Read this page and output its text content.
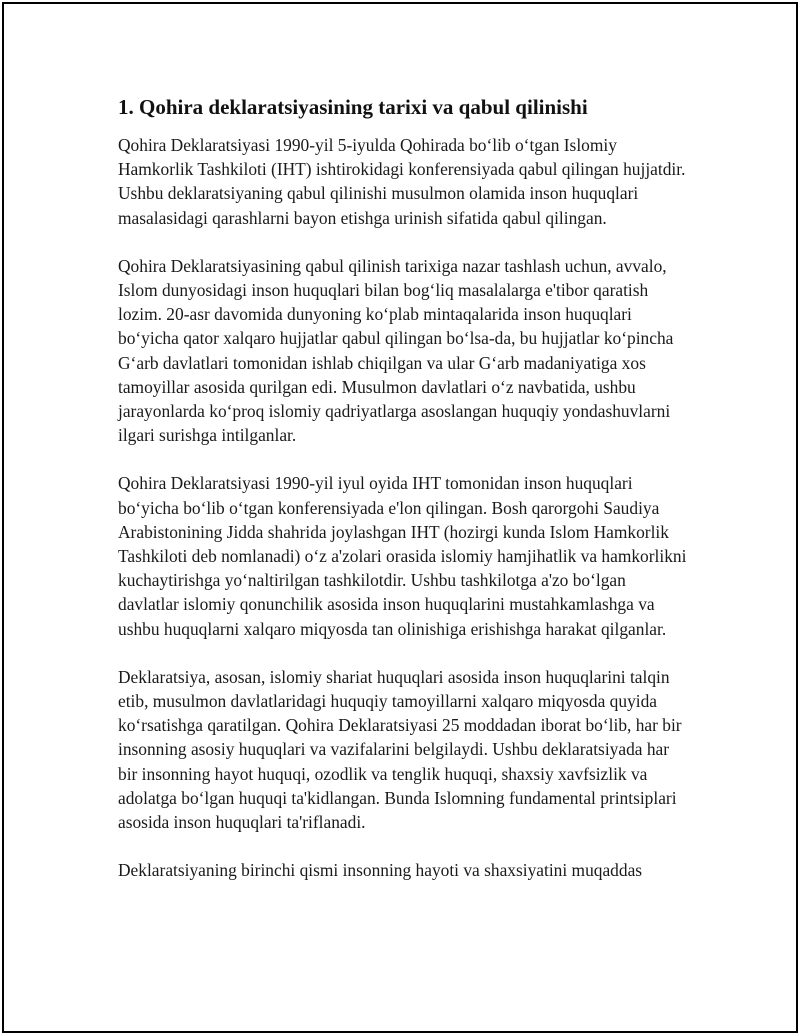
1. Qohira deklaratsiyasining tarixi va qabul qilinishi

Qohira Deklaratsiyasi 1990-yil 5-iyulda Qohirada bo‘lib o‘tgan Islomiy Hamkorlik Tashkiloti (IHT) ishtirokidagi konferensiyada qabul qilingan hujjatdir. Ushbu deklaratsiyaning qabul qilinishi musulmon olamida inson huquqlari masalasidagi qarashlarni bayon etishga urinish sifatida qabul qilingan.

Qohira Deklaratsiyasining qabul qilinish tarixiga nazar tashlash uchun, avvalo, Islom dunyosidagi inson huquqlari bilan bog‘liq masalalarga e'tibor qaratish lozim. 20-asr davomida dunyoning ko‘plab mintaqalarida inson huquqlari bo‘yicha qator xalqaro hujjatlar qabul qilingan bo‘lsa-da, bu hujjatlar ko‘pincha G‘arb davlatlari tomonidan ishlab chiqilgan va ular G‘arb madaniyatiga xos tamoyillar asosida qurilgan edi. Musulmon davlatlari o‘z navbatida, ushbu jarayonlarda ko‘proq islomiy qadriyatlarga asoslangan huquqiy yondashuvlarni ilgari surishga intilganlar.

Qohira Deklaratsiyasi 1990-yil iyul oyida IHT tomonidan inson huquqlari bo‘yicha bo‘lib o‘tgan konferensiyada e'lon qilingan. Bosh qarorgohi Saudiya Arabistonining Jidda shahrida joylashgan IHT (hozirgi kunda Islom Hamkorlik Tashkiloti deb nomlanadi) o‘z a'zolari orasida islomiy hamjihatlik va hamkorlikni kuchaytirishga yo‘naltirilgan tashkilotdir. Ushbu tashkilotga a'zo bo‘lgan davlatlar islomiy qonunchilik asosida inson huquqlarini mustahkamlashga va ushbu huquqlarni xalqaro miqyosda tan olinishiga erishishga harakat qilganlar.

Deklaratsiya, asosan, islomiy shariat huquqlari asosida inson huquqlarini talqin etib, musulmon davlatlaridagi huquqiy tamoyillarni xalqaro miqyosda quyida ko‘rsatishga qaratilgan. Qohira Deklaratsiyasi 25 moddadan iborat bo‘lib, har bir insonning asosiy huquqlari va vazifalarini belgilaydi. Ushbu deklaratsiyada har bir insonning hayot huquqi, ozodlik va tenglik huquqi, shaxsiy xavfsizlik va adolatga bo‘lgan huquqi ta'kidlangan. Bunda Islomning fundamental printsiplari asosida inson huquqlari ta'riflanadi.

Deklaratsiyaning birinchi qismi insonning hayoti va shaxsiyatini muqaddas
